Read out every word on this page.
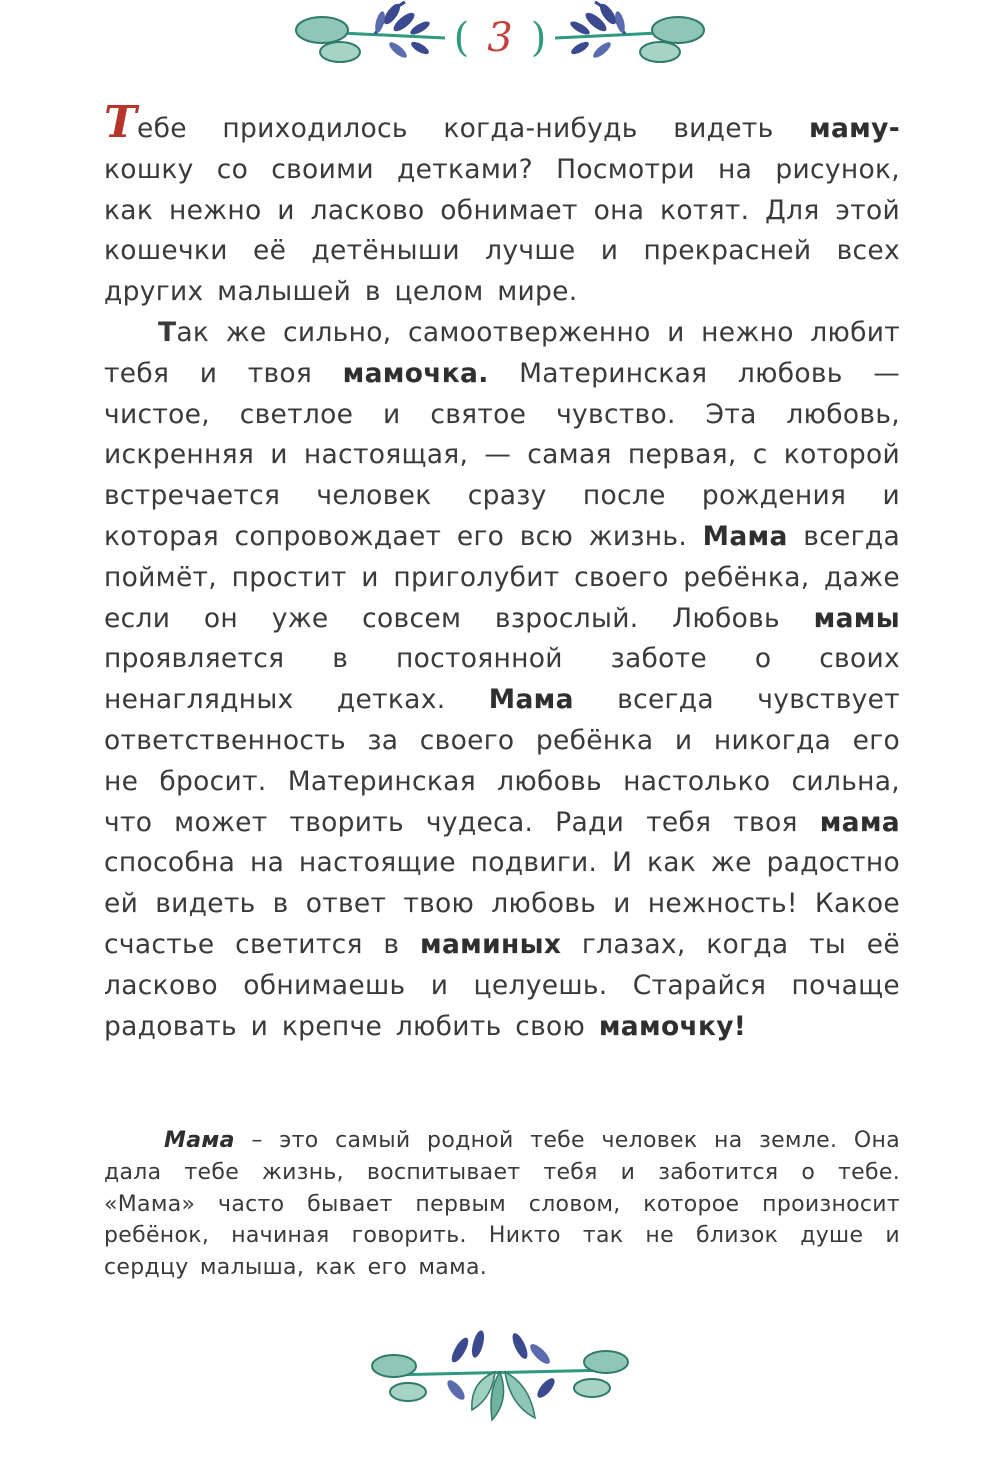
( 3 )

Тебе приходилось когда-нибудь видеть маму- кошку со своими детками? Посмотри на рисунок, как нежно и ласково обнимает она котят. Для этой кошечки её детёныши лучше и прекрасней всех других малышей в целом мире.

Так же сильно, самоотверженно и нежно любит тебя и твоя мамочка. Материнская любовь — чистое, светлое и святое чувство. Эта любовь, искренняя и настоящая, — самая первая, с которой встречается человек сразу после рождения и которая сопровождает его всю жизнь. Мама всегда поймёт, простит и приголубит своего ребёнка, даже если он уже совсем взрослый. Любовь мамы проявляется в постоянной заботе о своих ненаглядных детках. Мама всегда чувствует ответственность за своего ребёнка и никогда его не бросит. Материнская любовь настолько сильна, что может творить чудеса. Ради тебя твоя мама способна на настоящие подвиги. И как же радостно ей видеть в ответ твою любовь и нежность! Какое счастье светится в маминых глазах, когда ты её ласково обнимаешь и целуешь. Старайся почаще радовать и крепче любить свою мамочку!

Мама – это самый родной тебе человек на земле. Она дала тебе жизнь, воспитывает тебя и заботится о тебе. «Мама» часто бывает первым словом, которое произносит ребёнок, начиная говорить. Никто так не близок душе и сердцу малыша, как его мама.
